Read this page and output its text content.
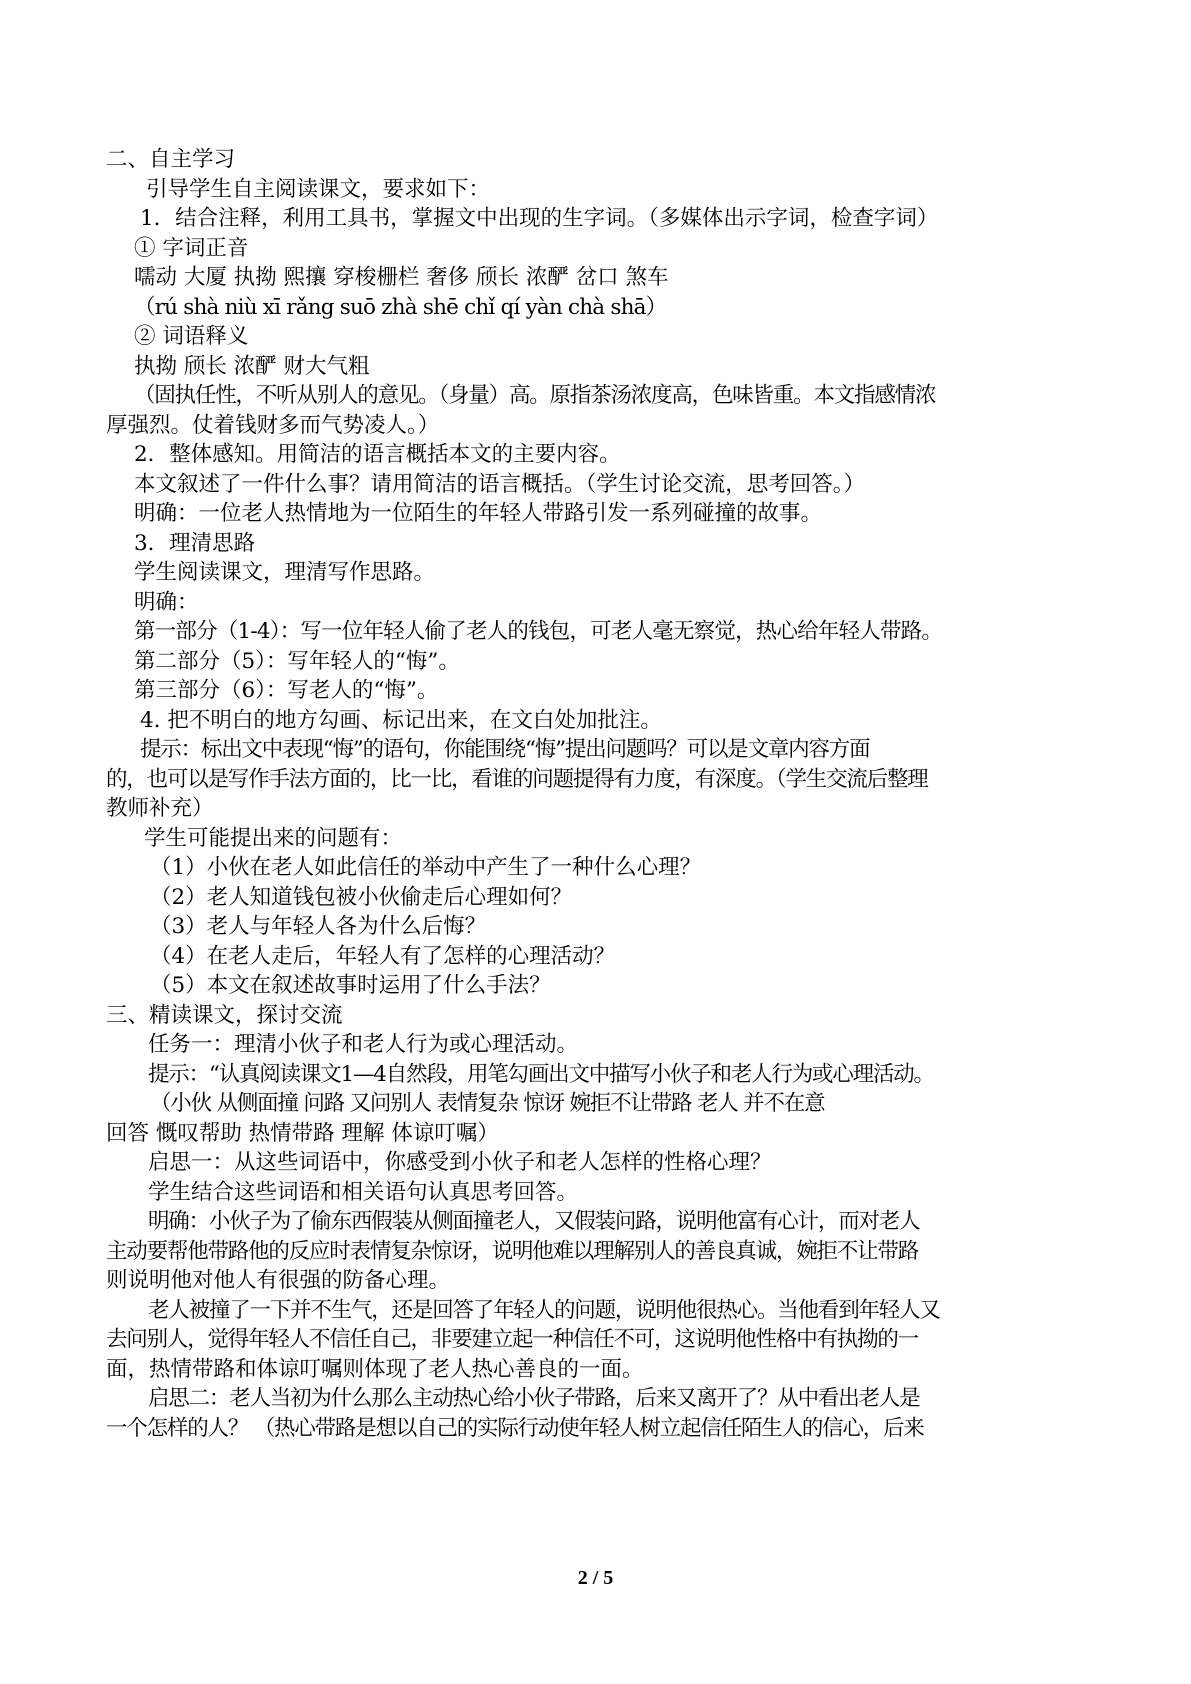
二、自主学习
引导学生自主阅读课文，要求如下：
1．结合注释，利用工具书，掌握文中出现的生字词。（多媒体出示字词，检查字词）
① 字词正音
嚅动 大厦 执拗 熙攘 穿梭栅栏 奢侈 颀长 浓酽 岔口 煞车
（rú shà niù xī rǎng suō zhà shē chǐ qí yàn chà shā）
② 词语释义
执拗 颀长 浓酽 财大气粗
（固执任性，不听从别人的意见。（身量）高。原指茶汤浓度高，色味皆重。本文指感情浓
厚强烈。仗着钱财多而气势凌人。）
2．整体感知。用简洁的语言概括本文的主要内容。
本文叙述了一件什么事？请用简洁的语言概括。（学生讨论交流，思考回答。）
明确：一位老人热情地为一位陌生的年轻人带路引发一系列碰撞的故事。
3．理清思路
学生阅读课文，理清写作思路。
明确：
第一部分（1-4）：写一位年轻人偷了老人的钱包，可老人毫无察觉，热心给年轻人带路。
第二部分（5）：写年轻人的“悔”。
第三部分（6）：写老人的“悔”。
4. 把不明白的地方勾画、标记出来，在文白处加批注。
提示：标出文中表现“悔”的语句，你能围绕“悔”提出问题吗？可以是文章内容方面
的，也可以是写作手法方面的，比一比，看谁的问题提得有力度，有深度。（学生交流后整理
教师补充）
学生可能提出来的问题有：
（1）小伙在老人如此信任的举动中产生了一种什么心理？
（2）老人知道钱包被小伙偷走后心理如何？
（3）老人与年轻人各为什么后悔？
（4）在老人走后，年轻人有了怎样的心理活动？
（5）本文在叙述故事时运用了什么手法？
三、精读课文，探讨交流
任务一：理清小伙子和老人行为或心理活动。
提示：“认真阅读课文1—4自然段，用笔勾画出文中描写小伙子和老人行为或心理活动。
（小伙 从侧面撞 问路 又问别人 表情复杂 惊讶 婉拒不让带路 老人 并不在意
回答 慨叹帮助 热情带路 理解 体谅叮嘱）
启思一：从这些词语中，你感受到小伙子和老人怎样的性格心理？
学生结合这些词语和相关语句认真思考回答。
明确：小伙子为了偷东西假装从侧面撞老人，又假装问路，说明他富有心计，而对老人
主动要帮他带路他的反应时表情复杂惊讶，说明他难以理解别人的善良真诚，婉拒不让带路
则说明他对他人有很强的防备心理。
老人被撞了一下并不生气，还是回答了年轻人的问题，说明他很热心。当他看到年轻人又
去问别人，觉得年轻人不信任自己，非要建立起一种信任不可，这说明他性格中有执拗的一
面，热情带路和体谅叮嘱则体现了老人热心善良的一面。
启思二：老人当初为什么那么主动热心给小伙子带路，后来又离开了？从中看出老人是
一个怎样的人？ （热心带路是想以自己的实际行动使年轻人树立起信任陌生人的信心，后来
2 / 5
